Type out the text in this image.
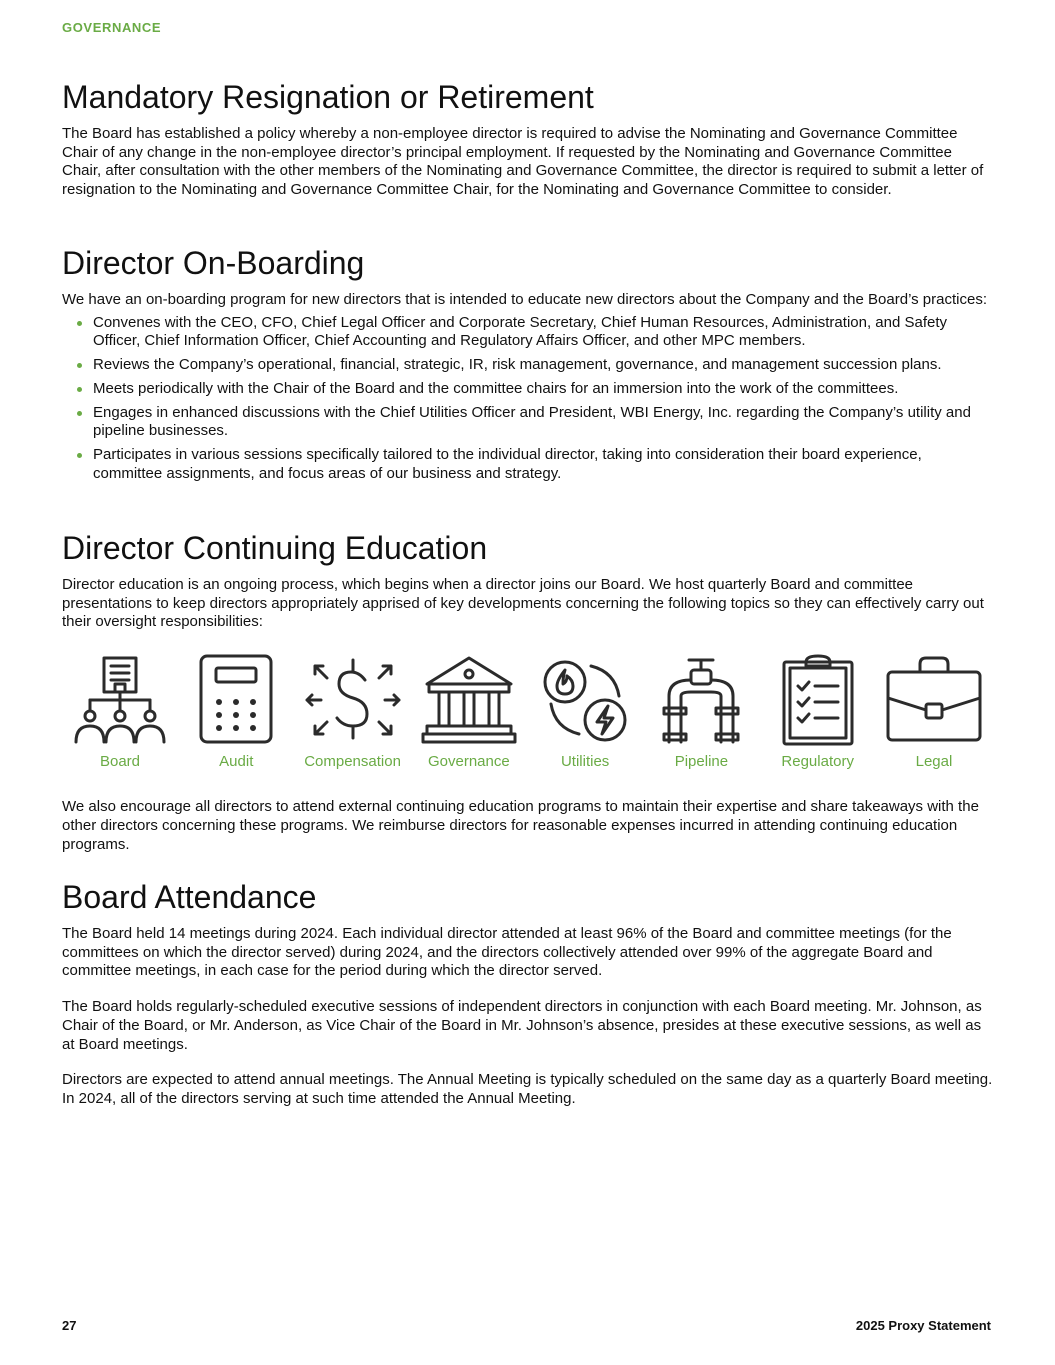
GOVERNANCE
Mandatory Resignation or Retirement

The Board has established a policy whereby a non-employee director is required to advise the Nominating and Governance Committee Chair of any change in the non-employee director’s principal employment. If requested by the Nominating and Governance Committee Chair, after consultation with the other members of the Nominating and Governance Committee, the director is required to submit a letter of resignation to the Nominating and Governance Committee Chair, for the Nominating and Governance Committee to consider.

Director On-Boarding

We have an on-boarding program for new directors that is intended to educate new directors about the Company and the Board’s practices:

Convenes with the CEO, CFO, Chief Legal Officer and Corporate Secretary, Chief Human Resources, Administration, and Safety Officer, Chief Information Officer, Chief Accounting and Regulatory Affairs Officer, and other MPC members.
Reviews the Company’s operational, financial, strategic, IR, risk management, governance, and management succession plans.
Meets periodically with the Chair of the Board and the committee chairs for an immersion into the work of the committees.
Engages in enhanced discussions with the Chief Utilities Officer and President, WBI Energy, Inc. regarding the Company’s utility and pipeline businesses.
Participates in various sessions specifically tailored to the individual director, taking into consideration their board experience, committee assignments, and focus areas of our business and strategy.
Director Continuing Education

Director education is an ongoing process, which begins when a director joins our Board. We host quarterly Board and committee presentations to keep directors appropriately apprised of key developments concerning the following topics so they can effectively carry out their oversight responsibilities:

Board	Audit	Compensation	Governance	Utilities	Pipeline	Regulatory	Legal

We also encourage all directors to attend external continuing education programs to maintain their expertise and share takeaways with the other directors concerning these programs. We reimburse directors for reasonable expenses incurred in attending continuing education programs.

Board Attendance

The Board held 14 meetings during 2024. Each individual director attended at least 96% of the Board and committee meetings (for the committees on which the director served) during 2024, and the directors collectively attended over 99% of the aggregate Board and committee meetings, in each case for the period during which the director served.

The Board holds regularly-scheduled executive sessions of independent directors in conjunction with each Board meeting. Mr. Johnson, as Chair of the Board, or Mr. Anderson, as Vice Chair of the Board in Mr. Johnson’s absence, presides at these executive sessions, as well as at Board meetings.

Directors are expected to attend annual meetings. The Annual Meeting is typically scheduled on the same day as a quarterly Board meeting. In 2024, all of the directors serving at such time attended the Annual Meeting.

27	2025 Proxy Statement
